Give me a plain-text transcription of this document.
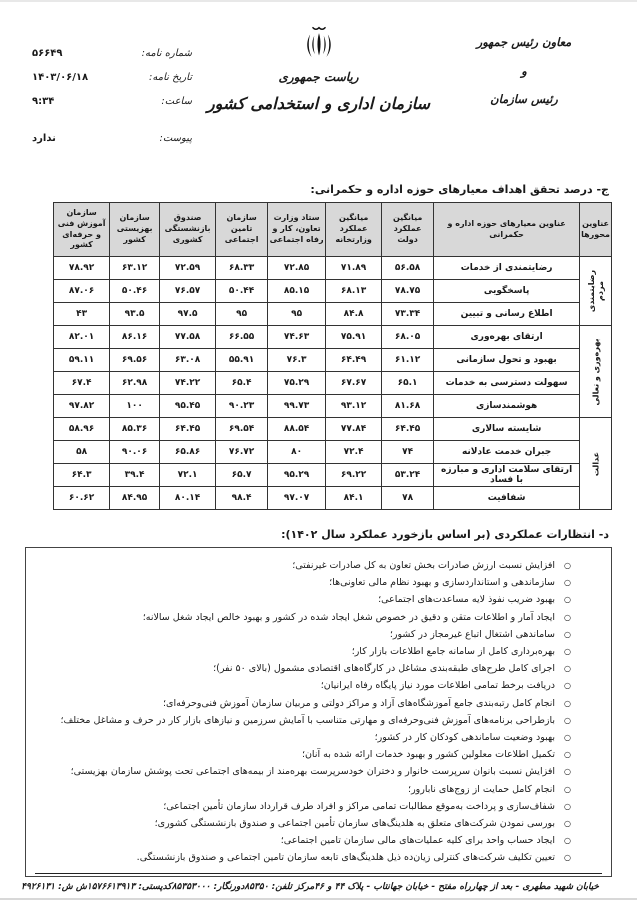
معاون رئیس جمهور
و
رئیس سازمان
ریاست جمهوری
سازمان اداری و استخدامی کشور
شماره نامه:
۵۶۶۴۹
تاریخ نامه:
۱۴۰۳/۰۶/۱۸
ساعت:
۹:۳۴
پیوست:
ندارد
ج- درصد تحقق اهداف معیارهای حوزه اداره و حکمرانی:
عناوین محورها	عناوین معیارهای حوزه اداره و حکمرانی	میانگین عملکرد دولت	میانگین عملکرد وزارتخانه	ستاد وزارت تعاون، کار و رفاه اجتماعی	سازمان تامین اجتماعی	صندوق بازنشستگی کشوری	سازمان بهزیستی کشور	سازمان آموزش فنی و حرفه‌ای کشور

رضایتمندی مردم	رضایتمندی از خدمات	۵۶.۵۸	۷۱.۸۹	۷۲.۸۵	۶۸.۳۳	۷۲.۵۹	۶۳.۱۲	۷۸.۹۲
	پاسخگویی	۷۸.۷۵	۶۸.۱۳	۸۵.۱۵	۵۰.۴۴	۷۶.۵۷	۵۰.۴۶	۸۷.۰۶
	اطلاع رسانی و تبیین	۷۳.۳۴	۸۴.۸	۹۵	۹۵	۹۷.۵	۹۳.۵	۴۳

بهره‌وری و تعالی	ارتقای بهره‌وری	۶۸.۰۵	۷۵.۹۱	۷۴.۶۳	۶۶.۵۵	۷۷.۵۸	۸۶.۱۶	۸۲.۰۱
	بهبود و تحول سازمانی	۶۱.۱۲	۶۴.۴۹	۷۶.۳	۵۵.۹۱	۶۳.۰۸	۶۹.۵۶	۵۹.۱۱
	سهولت دسترسی به خدمات	۶۵.۱	۶۷.۶۷	۷۵.۲۹	۶۵.۴	۷۴.۲۲	۶۲.۹۸	۶۷.۴
	هوشمندسازی	۸۱.۶۸	۹۳.۱۲	۹۹.۷۳	۹۰.۲۳	۹۵.۴۵	۱۰۰	۹۷.۸۲

عدالت	شایسته سالاری	۶۴.۴۵	۷۷.۸۴	۸۸.۵۴	۶۹.۵۴	۶۴.۴۵	۸۵.۳۶	۵۸.۹۶
	جبران خدمت عادلانه	۷۴	۷۲.۴	۸۰	۷۶.۷۲	۶۵.۸۶	۹۰.۰۶	۵۸
	ارتقای سلامت اداری و مبارزه با فساد	۵۳.۲۴	۶۹.۲۲	۹۵.۲۹	۶۵.۷	۷۲.۱	۳۹.۴	۶۴.۳
	شفافیت	۷۸	۸۴.۱	۹۷.۰۷	۹۸.۴	۸۰.۱۴	۸۴.۹۵	۶۰.۶۲
د- انتظارات عملکردی (بر اساس بازخورد عملکرد سال ۱۴۰۲):
○
افزایش نسبت ارزش صادرات بخش تعاون به کل صادرات غیرنفتی؛
○
سازماندهی و استانداردسازی و بهبود نظام مالی تعاونی‌ها؛
○
بهبود ضریب نفوذ لایه مساعدت‌های اجتماعی؛
○
ایجاد آمار و اطلاعات متقن و دقیق در خصوص شغل ایجاد شده در کشور و بهبود خالص ایجاد شغل سالانه؛
○
ساماندهی اشتغال اتباع غیرمجاز در کشور؛
○
بهره‌برداری کامل از سامانه جامع اطلاعات بازار کار؛
○
اجرای کامل طرح‌های طبقه‌بندی مشاغل در کارگاه‌های اقتصادی مشمول (بالای ۵۰ نفر)؛
○
دریافت برخط تمامی اطلاعات مورد نیاز پایگاه رفاه ایرانیان؛
○
انجام کامل رتبه‌بندی جامع آموزشگاه‌های آزاد و مراکز دولتی و مربیان سازمان آموزش فنی‌وحرفه‌ای؛
○
بازطراحی برنامه‌های آموزش فنی‌وحرفه‌ای و مهارتی متناسب با آمایش سرزمین و نیازهای بازار کار در حرف و مشاغل مختلف؛
○
بهبود وضعیت ساماندهی کودکان کار در کشور؛
○
تکمیل اطلاعات معلولین کشور و بهبود خدمات ارائه شده به آنان؛
○
افزایش نسبت بانوان سرپرست خانوار و دختران خودسرپرست بهره‌مند از بیمه‌های اجتماعی تحت پوشش سازمان بهزیستی؛
○
انجام کامل حمایت از زوج‌های نابارور؛
○
شفاف‌سازی و پرداخت به‌موقع مطالبات تمامی مراکز و افراد طرف قرارداد سازمان تأمین اجتماعی؛
○
بورسی نمودن شرکت‌های متعلق به هلدینگ‌های سازمان تأمین اجتماعی و صندوق بازنشستگی کشوری؛
○
ایجاد حساب واحد برای کلیه عملیات‌های مالی سازمان تامین اجتماعی؛
○
تعیین تکلیف شرکت‌های کنترلی زیان‌ده ذیل هلدینگ‌های تابعه سازمان تامین اجتماعی و صندوق بازنشستگی.
خیابان شهید مطهری - بعد از چهارراه مفتح - خیابان جهانتاب - پلاک ۴۴ و ۴۶
مرکز تلفن: ۸۵۳۵۰
دورنگار: ۸۵۳۵۳۰۰۰
کدپستی: ۱۵۷۶۶۱۳۹۱۳
ش ش: ۴۹۲۶۱۳۱
